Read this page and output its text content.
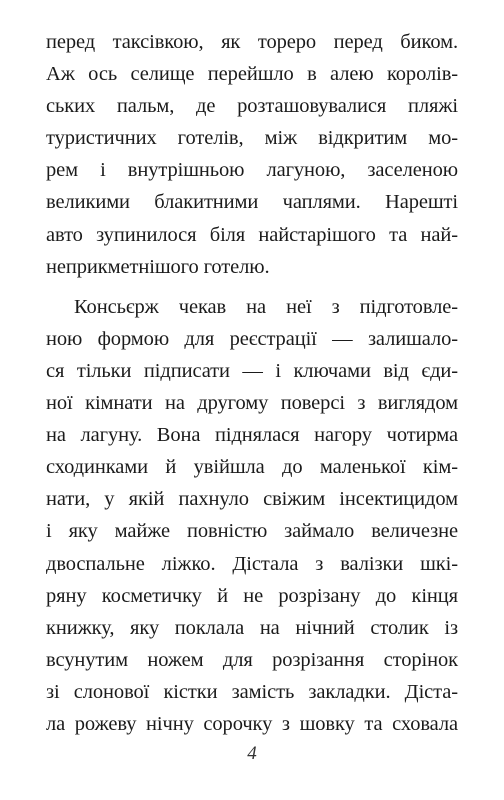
перед таксівкою, як тореро перед биком.
Аж ось селище перейшло в алею королів-
ських пальм, де розташовувалися пляжі
туристичних готелів, між відкритим мо-
рем і внутрішньою лагуною, заселеною
великими блакитними чаплями. Нарешті
авто зупинилося біля найстарішого та най-
неприкметнішого готелю.
Консьєрж чекав на неї з підготовле-
ною формою для реєстрації — залишало-
ся тільки підписати — і ключами від єди-
ної кімнати на другому поверсі з виглядом
на лагуну. Вона піднялася нагору чотирма
сходинками й увійшла до маленької кім-
нати, у якій пахнуло свіжим інсектицидом
і яку майже повністю займало величезне
двоспальне ліжко. Дістала з валізки шкі-
ряну косметичку й не розрізану до кінця
книжку, яку поклала на нічний столик із
всунутим ножем для розрізання сторінок
зі слонової кістки замість закладки. Діста-
ла рожеву нічну сорочку з шовку та сховала
4
